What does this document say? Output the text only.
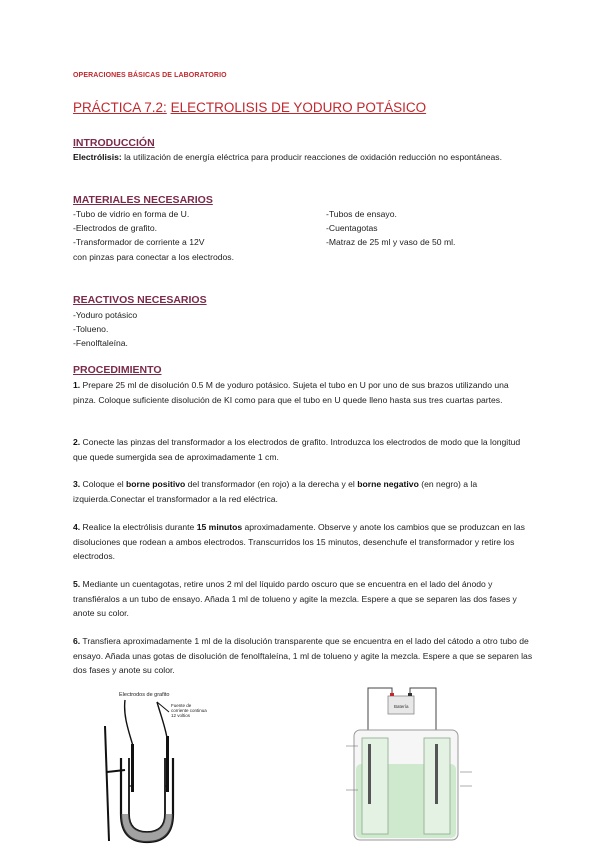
OPERACIONES BÁSICAS DE LABORATORIO
PRÁCTICA 7.2: ELECTROLISIS DE YODURO POTÁSICO
INTRODUCCIÓN
Electrólisis: la utilización de energía eléctrica para producir reacciones de oxidación reducción no espontáneas.
MATERIALES NECESARIOS
-Tubo de vidrio en forma de U.
-Electrodos de grafito.
-Transformador de corriente a 12V
con pinzas para conectar a los electrodos.
-Tubos de ensayo.
-Cuentagotas
-Matraz de 25 ml y vaso de 50 ml.
REACTIVOS NECESARIOS
-Yoduro potásico
-Tolueno.
-Fenolftaleína.
PROCEDIMIENTO
1. Prepare 25 ml de disolución 0.5 M de yoduro potásico. Sujeta el tubo en U por uno de sus brazos utilizando una pinza. Coloque suficiente disolución de KI como para que el tubo en U quede lleno hasta sus tres cuartas partes.
2. Conecte las pinzas del transformador a los electrodos de grafito. Introduzca los electrodos de modo que la longitud que quede sumergida sea de aproximadamente 1 cm.
3. Coloque el borne positivo del transformador (en rojo) a la derecha y el borne negativo (en negro) a la izquierda.Conectar el transformador a la red eléctrica.
4. Realice la electrólisis durante 15 minutos aproximadamente. Observe y anote los cambios que se produzcan en las disoluciones que rodean a ambos electrodos. Transcurridos los 15 minutos, desenchufe el transformador y retire los electrodos.
5. Mediante un cuentagotas, retire unos 2 ml del líquido pardo oscuro que se encuentra en el lado del ánodo y transfiéralos a un tubo de ensayo. Añada 1 ml de tolueno y agite la mezcla. Espere a que se separen las dos fases y anote su color.
6. Transfiera aproximadamente 1 ml de la disolución transparente que se encuentra en el lado del cátodo a otro tubo de ensayo. Añada unas gotas de disolución de fenolftaleína, 1 ml de tolueno y agite la mezcla. Espere a que se separen las dos fases y anote su color.
Electrodos de grafito
Fuente de
corriente continua
12 voltios
Batería
